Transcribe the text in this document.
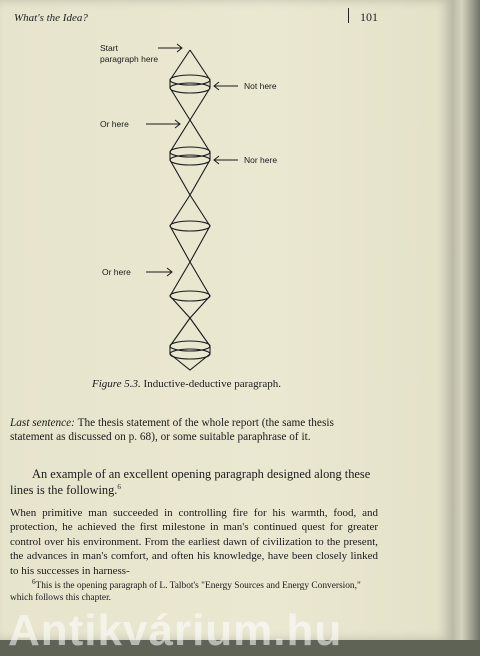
What's the Idea?	101
Start
paragraph here
Not here
Or here
Nor here
Or here
Figure 5.3. Inductive-deductive paragraph.
Last sentence: The thesis statement of the whole report (the same thesis statement as discussed on p. 68), or some suitable paraphrase of it.
An example of an excellent opening paragraph designed along these lines is the following.$^6$
When primitive man succeeded in controlling fire for his warmth, food, and protection, he achieved the first milestone in man's continued quest for greater control over his environment. From the earliest dawn of civilization to the present, the advances in man's comfort, and often his knowledge, have been closely linked to his successes in harness-
$^6$This is the opening paragraph of L. Talbot's "Energy Sources and Energy Conversion," which follows this chapter.
Antikvárium.hu
